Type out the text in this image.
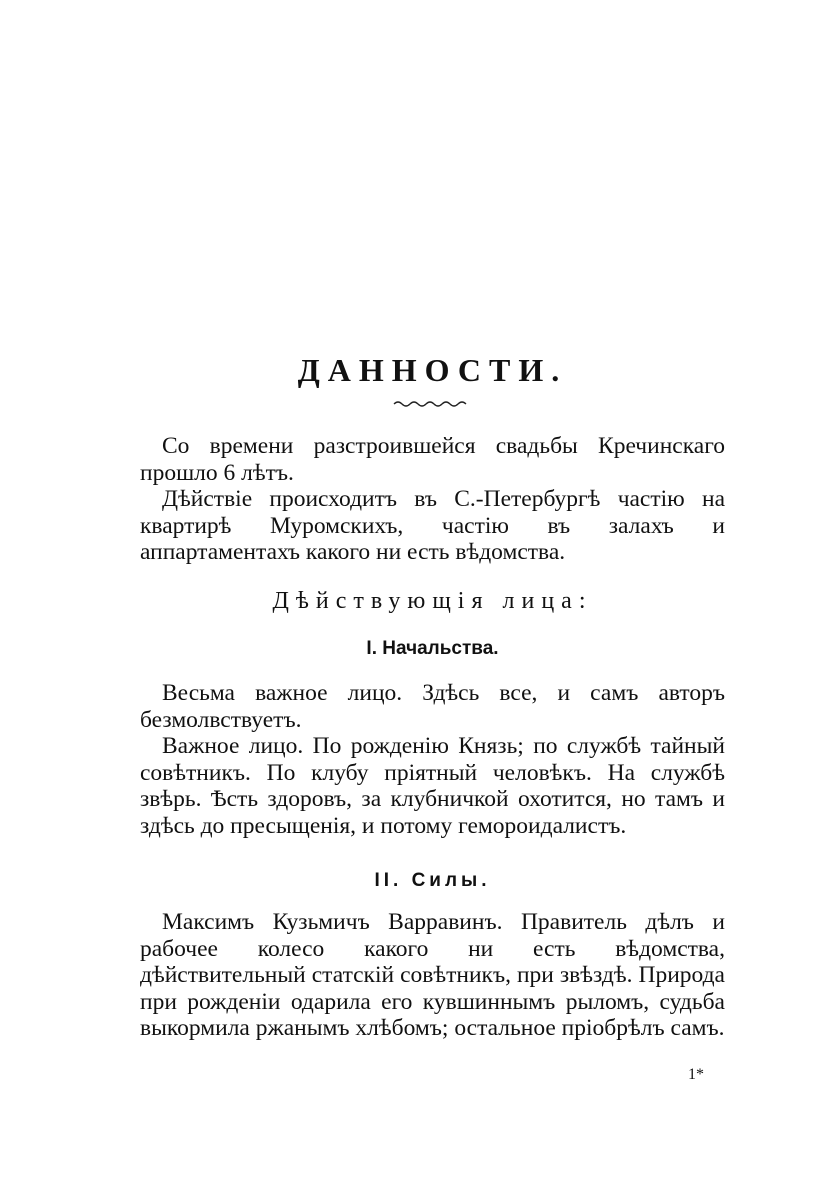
ДАННОСТИ.

Со времени разстроившейся свадьбы Кречинскаго прошло 6 лѣтъ.

Дѣйствіе происходитъ въ С.-Петербургѣ частію на квартирѣ Муромскихъ, частію въ залахъ и аппартаментахъ какого ни есть вѣдомства.

Дѣйствующія лица:

I. Начальства.

Весьма важное лицо. Здѣсь все, и самъ авторъ безмолвствуетъ.

Важное лицо. По рожденію Князь; по службѣ тайный совѣтникъ. По клубу пріятный человѣкъ. На службѣ звѣрь. Ѣсть здоровъ, за клубничкой охотится, но тамъ и здѣсь до пресыщенія, и потому гемороидалистъ.

II. Силы.

Максимъ Кузьмичъ Варравинъ. Правитель дѣлъ и рабочее колесо какого ни есть вѣдомства, дѣйствительный статскій совѣтникъ, при звѣздѣ. Природа при рожденіи одарила его кувшиннымъ рыломъ, судьба выкормила ржанымъ хлѣбомъ; остальное пріобрѣлъ самъ.

1*
